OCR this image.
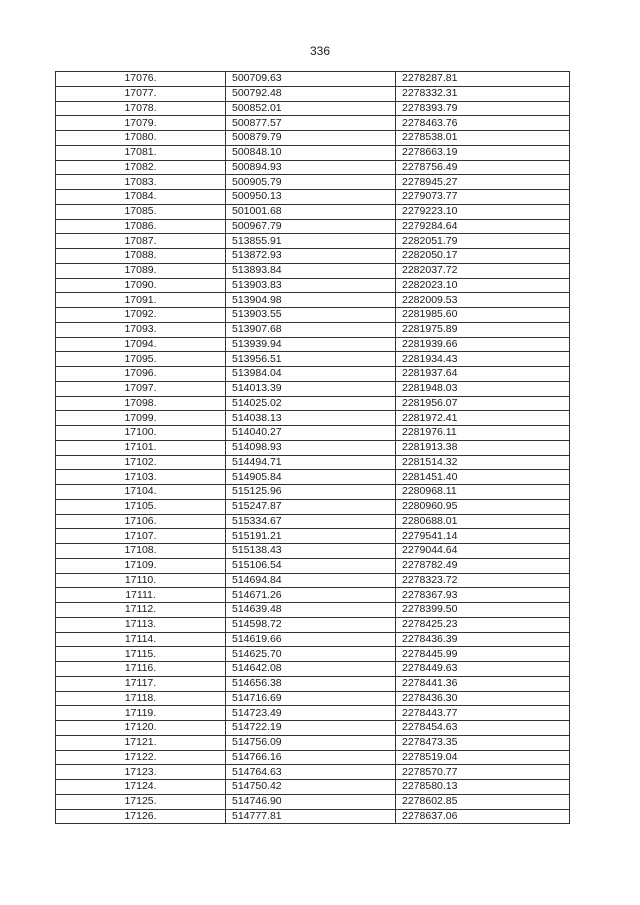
336
17076.	500709.63	2278287.81
17077.	500792.48	2278332.31
17078.	500852.01	2278393.79
17079.	500877.57	2278463.76
17080.	500879.79	2278538.01
17081.	500848.10	2278663.19
17082.	500894.93	2278756.49
17083.	500905.79	2278945.27
17084.	500950.13	2279073.77
17085.	501001.68	2279223.10
17086.	500967.79	2279284.64
17087.	513855.91	2282051.79
17088.	513872.93	2282050.17
17089.	513893.84	2282037.72
17090.	513903.83	2282023.10
17091.	513904.98	2282009.53
17092.	513903.55	2281985.60
17093.	513907.68	2281975.89
17094.	513939.94	2281939.66
17095.	513956.51	2281934.43
17096.	513984.04	2281937.64
17097.	514013.39	2281948.03
17098.	514025.02	2281956.07
17099.	514038.13	2281972.41
17100.	514040.27	2281976.11
17101.	514098.93	2281913.38
17102.	514494.71	2281514.32
17103.	514905.84	2281451.40
17104.	515125.96	2280968.11
17105.	515247.87	2280960.95
17106.	515334.67	2280688.01
17107.	515191.21	2279541.14
17108.	515138.43	2279044.64
17109.	515106.54	2278782.49
17110.	514694.84	2278323.72
17111.	514671.26	2278367.93
17112.	514639.48	2278399.50
17113.	514598.72	2278425.23
17114.	514619.66	2278436.39
17115.	514625.70	2278445.99
17116.	514642.08	2278449.63
17117.	514656.38	2278441.36
17118.	514716.69	2278436.30
17119.	514723.49	2278443.77
17120.	514722.19	2278454.63
17121.	514756.09	2278473.35
17122.	514766.16	2278519.04
17123.	514764.63	2278570.77
17124.	514750.42	2278580.13
17125.	514746.90	2278602.85
17126.	514777.81	2278637.06
